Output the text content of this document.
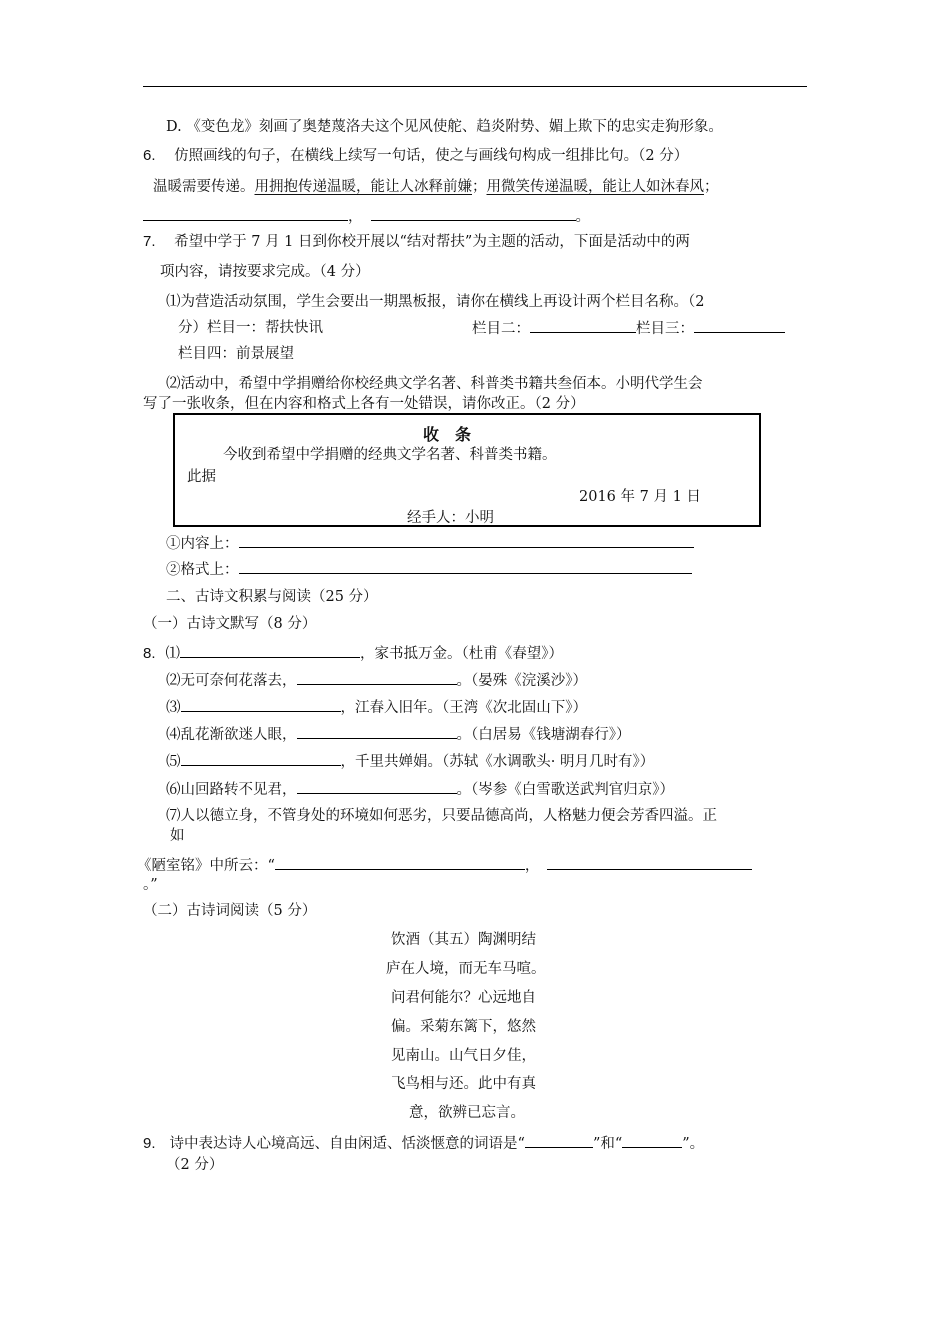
D. 《变色龙》刻画了奥楚蔑洛夫这个见风使舵、趋炎附势、媚上欺下的忠实走狗形象。
6. 仿照画线的句子，在横线上续写一句话，使之与画线句构成一组排比句。（2 分）
温暖需要传递。用拥抱传递温暖，能让人冰释前嫌；用微笑传递温暖，能让人如沐春风；
，	。
7. 希望中学于 7 月 1 日到你校开展以“结对帮扶”为主题的活动，下面是活动中的两
项内容，请按要求完成。（4 分）
⑴为营造活动氛围，学生会要出一期黑板报，请你在横线上再设计两个栏目名称。（2
分）栏目一：帮扶快讯	栏目二：	栏目三：
栏目四：前景展望
⑵活动中，希望中学捐赠给你校经典文学名著、科普类书籍共叁佰本。小明代学生会
写了一张收条，但在内容和格式上各有一处错误，请你改正。（2 分）
收　条
今收到希望中学捐赠的经典文学名著、科普类书籍。
此据
2016 年 7 月 1 日
经手人：小明
①内容上：
②格式上：
二、古诗文积累与阅读（25 分）
（一）古诗文默写（8 分）
8. ⑴	，家书抵万金。（杜甫《春望》）
⑵无可奈何花落去，	。（晏殊《浣溪沙》）
⑶	，江春入旧年。（王湾《次北固山下》）
⑷乱花渐欲迷人眼，	。（白居易《钱塘湖春行》）
⑸	，千里共婵娟。（苏轼《水调歌头· 明月几时有》）
⑹山回路转不见君，	。（岑参《白雪歌送武判官归京》）
⑺人以德立身，不管身处的环境如何恶劣，只要品德高尚，人格魅力便会芳香四溢。正
如
《陋室铭》中所云：“	，
。”
（二）古诗词阅读（5 分）
饮酒（其五）陶渊明结
庐在人境，而无车马喧。
问君何能尔？心远地自
偏。采菊东篱下，悠然
见南山。山气日夕佳，
飞鸟相与还。此中有真
意，欲辨已忘言。
9. 诗中表达诗人心境高远、自由闲适、恬淡惬意的词语是“	”和“	”。
（2 分）
